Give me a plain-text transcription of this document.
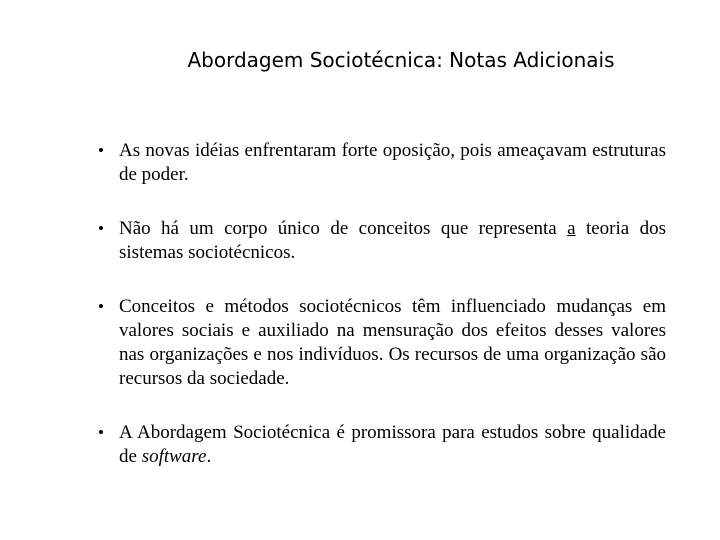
Abordagem Sociotécnica: Notas Adicionais
• As novas idéias enfrentaram forte oposição, pois ameaçavam estruturas de poder.
• Não há um corpo único de conceitos que representa a teoria dos sistemas sociotécnicos.
• Conceitos e métodos sociotécnicos têm influenciado mudanças em valores sociais e auxiliado na mensuração dos efeitos desses valores nas organizações e nos indivíduos. Os recursos de uma organização são recursos da sociedade.
• A Abordagem Sociotécnica é promissora para estudos sobre qualidade de software.
